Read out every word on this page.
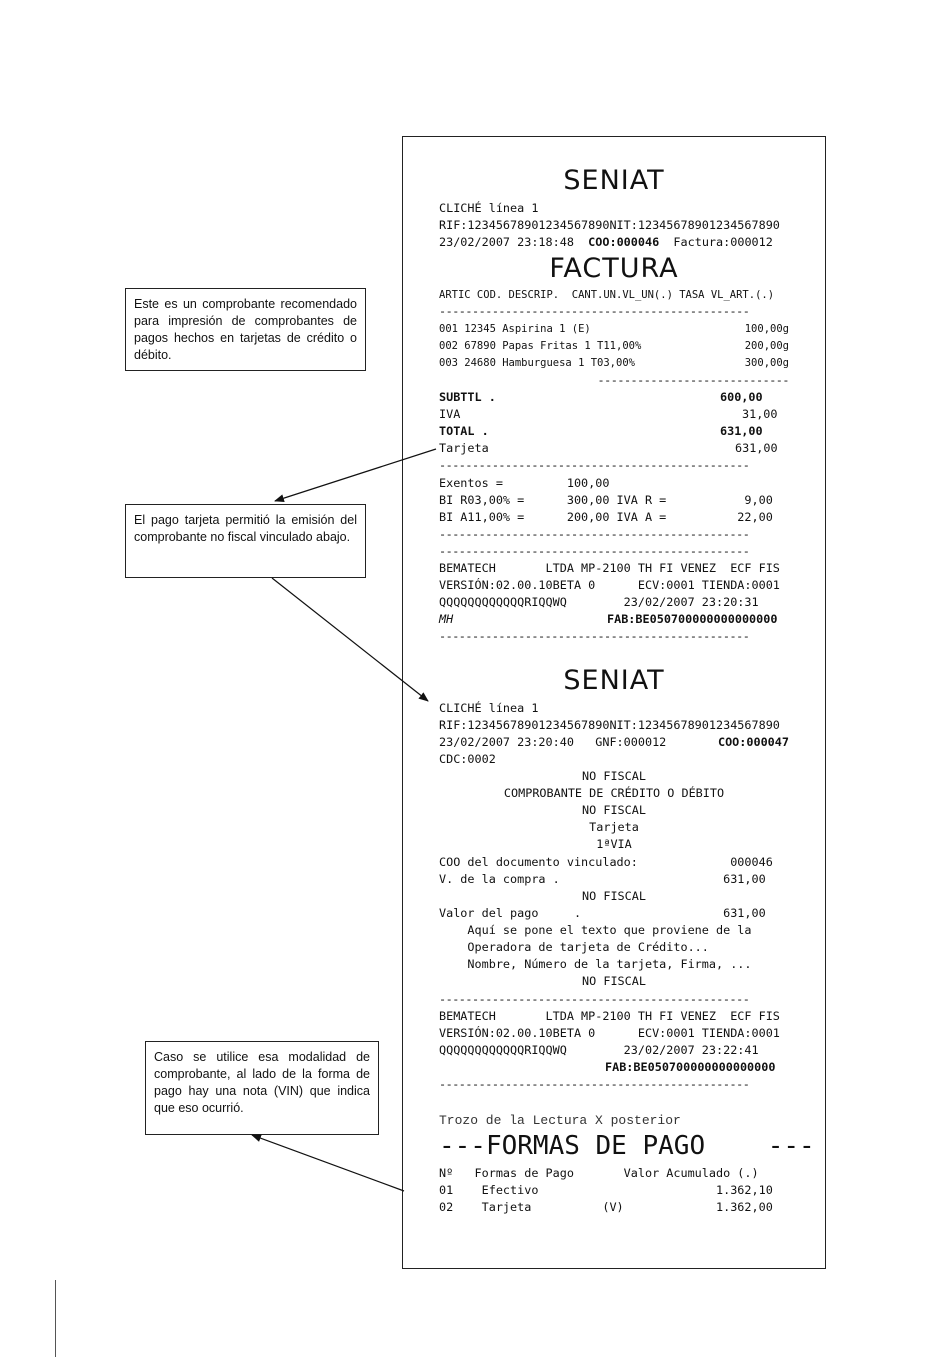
Este es un comprobante recomendado para impresión de comprobantes de pagos hechos en tarjetas de crédito o débito.
El pago tarjeta permitió la emisión del comprobante no fiscal vinculado abajo.
Caso se utilice esa modalidad de comprobante, al lado de la forma de pago hay una nota (VIN) que indica que eso ocurrió.
SENIAT
CLICHÉ línea 1
RIF:12345678901234567890NIT:12345678901234567890
23/02/2007 23:18:48 COO:000046 Factura:000012
FACTURA
ARTIC COD. DESCRIP.  CANT.UN.VL_UN(.) TASA VL_ART.(.)
-----------------------------------------------
001 12345 Aspirina 1 (E)	100,00g
002 67890 Papas Fritas 1 T11,00%	200,00g
003 24680 Hamburguesa 1 T03,00%	300,00g
-----------------------------
SUBTTL .	600,00
IVA	31,00
TOTAL .	631,00
Tarjeta	631,00
-----------------------------------------------
Exentos =         100,00
BI R03,00% =      300,00 IVA R =           9,00
BI A11,00% =      200,00 IVA A =          22,00
-----------------------------------------------
-----------------------------------------------
BEMATECH       LTDA MP-2100 TH FI VENEZ  ECF FIS
VERSIÓN:02.00.10BETA 0      ECV:0001 TIENDA:0001
QQQQQQQQQQQQRIQQWQ        23/02/2007 23:20:31
MH	FAB:BE050700000000000000
-----------------------------------------------
SENIAT
CLICHÉ línea 1
RIF:12345678901234567890NIT:12345678901234567890
23/02/2007 23:20:40   GNF:000012	COO:000047
CDC:0002
NO FISCAL
COMPROBANTE DE CRÉDITO O DÉBITO
NO FISCAL
Tarjeta
1ªVIA
COO del documento vinculado:             000046
V. de la compra .                       631,00
NO FISCAL
Valor del pago     .                    631,00
Aquí se pone el texto que proviene de la
Operadora de tarjeta de Crédito...
Nombre, Número de la tarjeta, Firma, ...
NO FISCAL
-----------------------------------------------
BEMATECH       LTDA MP-2100 TH FI VENEZ  ECF FIS
VERSIÓN:02.00.10BETA 0      ECV:0001 TIENDA:0001
QQQQQQQQQQQQRIQQWQ        23/02/2007 23:22:41
FAB:BE050700000000000000
-----------------------------------------------
Trozo de la Lectura X posterior
---FORMAS DE PAGO    ---
Nº   Formas de Pago       Valor Acumulado (.)
01    Efectivo                         1.362,10
02    Tarjeta          (V)             1.362,00
